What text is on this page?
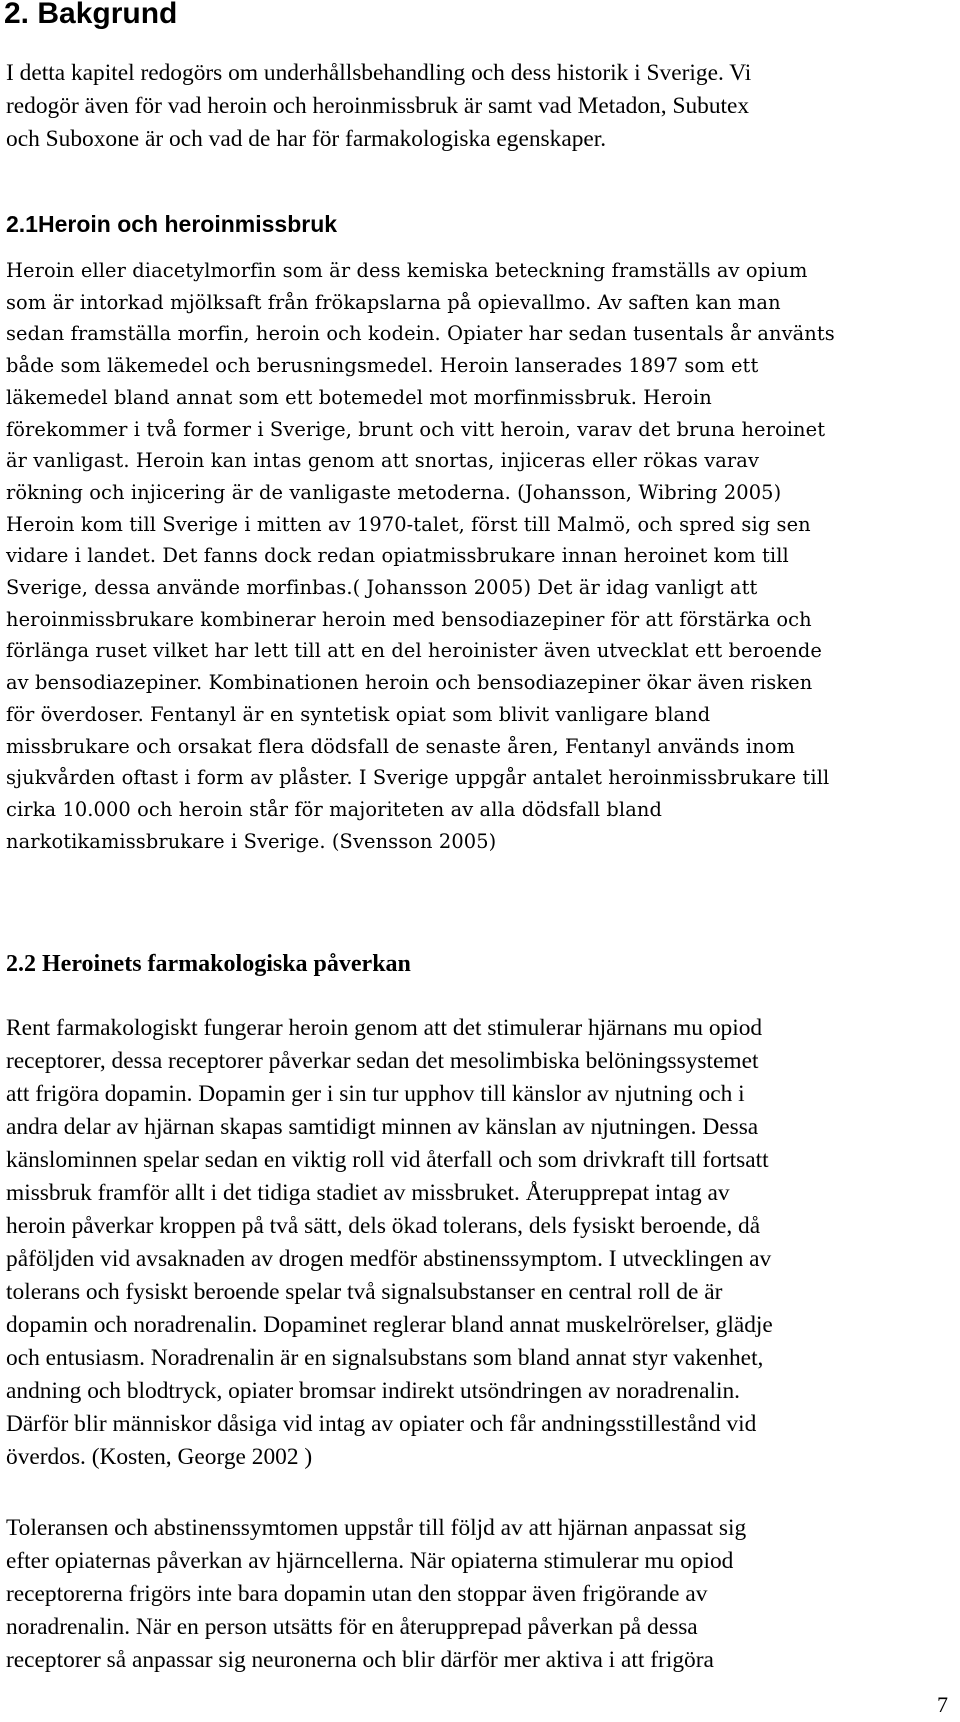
2. Bakgrund

I detta kapitel redogörs om underhållsbehandling och dess historik i Sverige. Vi
redogör även för vad heroin och heroinmissbruk är samt vad Metadon, Subutex
och Suboxone är och vad de har för farmakologiska egenskaper.

2.1Heroin och heroinmissbruk

Heroin eller diacetylmorfin som är dess kemiska beteckning framställs av opium
som är intorkad mjölksaft från frökapslarna på opievallmo. Av saften kan man
sedan framställa morfin, heroin och kodein. Opiater har sedan tusentals år använts
både som läkemedel och berusningsmedel. Heroin lanserades 1897 som ett
läkemedel bland annat som ett botemedel mot morfinmissbruk. Heroin
förekommer i två former i Sverige, brunt och vitt heroin, varav det bruna heroinet
är vanligast. Heroin kan intas genom att snortas, injiceras eller rökas varav
rökning och injicering är de vanligaste metoderna. (Johansson, Wibring 2005)
Heroin kom till Sverige i mitten av 1970-talet, först till Malmö, och spred sig sen
vidare i landet. Det fanns dock redan opiatmissbrukare innan heroinet kom till
Sverige, dessa använde morfinbas.( Johansson 2005) Det är idag vanligt att
heroinmissbrukare kombinerar heroin med bensodiazepiner för att förstärka och
förlänga ruset vilket har lett till att en del heroinister även utvecklat ett beroende
av bensodiazepiner. Kombinationen heroin och bensodiazepiner ökar även risken
för överdoser. Fentanyl är en syntetisk opiat som blivit vanligare bland
missbrukare och orsakat flera dödsfall de senaste åren, Fentanyl används inom
sjukvården oftast i form av plåster. I Sverige uppgår antalet heroinmissbrukare till
cirka 10.000 och heroin står för majoriteten av alla dödsfall bland
narkotikamissbrukare i Sverige. (Svensson 2005)

2.2 Heroinets farmakologiska påverkan

Rent farmakologiskt fungerar heroin genom att det stimulerar hjärnans mu opiod
receptorer, dessa receptorer påverkar sedan det mesolimbiska belöningssystemet
att frigöra dopamin. Dopamin ger i sin tur upphov till känslor av njutning och i
andra delar av hjärnan skapas samtidigt minnen av känslan av njutningen. Dessa
känslominnen spelar sedan en viktig roll vid återfall och som drivkraft till fortsatt
missbruk framför allt i det tidiga stadiet av missbruket. Återupprepat intag av
heroin påverkar kroppen på två sätt, dels ökad tolerans, dels fysiskt beroende, då
påföljden vid avsaknaden av drogen medför abstinenssymptom. I utvecklingen av
tolerans och fysiskt beroende spelar två signalsubstanser en central roll de är
dopamin och noradrenalin. Dopaminet reglerar bland annat muskelrörelser, glädje
och entusiasm. Noradrenalin är en signalsubstans som bland annat styr vakenhet,
andning och blodtryck, opiater bromsar indirekt utsöndringen av noradrenalin.
Därför blir människor dåsiga vid intag av opiater och får andningsstillestånd vid
överdos. (Kosten, George 2002 )

Toleransen och abstinenssymtomen uppstår till följd av att hjärnan anpassat sig
efter opiaternas påverkan av hjärncellerna. När opiaterna stimulerar mu opiod
receptorerna frigörs inte bara dopamin utan den stoppar även frigörande av
noradrenalin. När en person utsätts för en återupprepad påverkan på dessa
receptorer så anpassar sig neuronerna och blir därför mer aktiva i att frigöra

7
